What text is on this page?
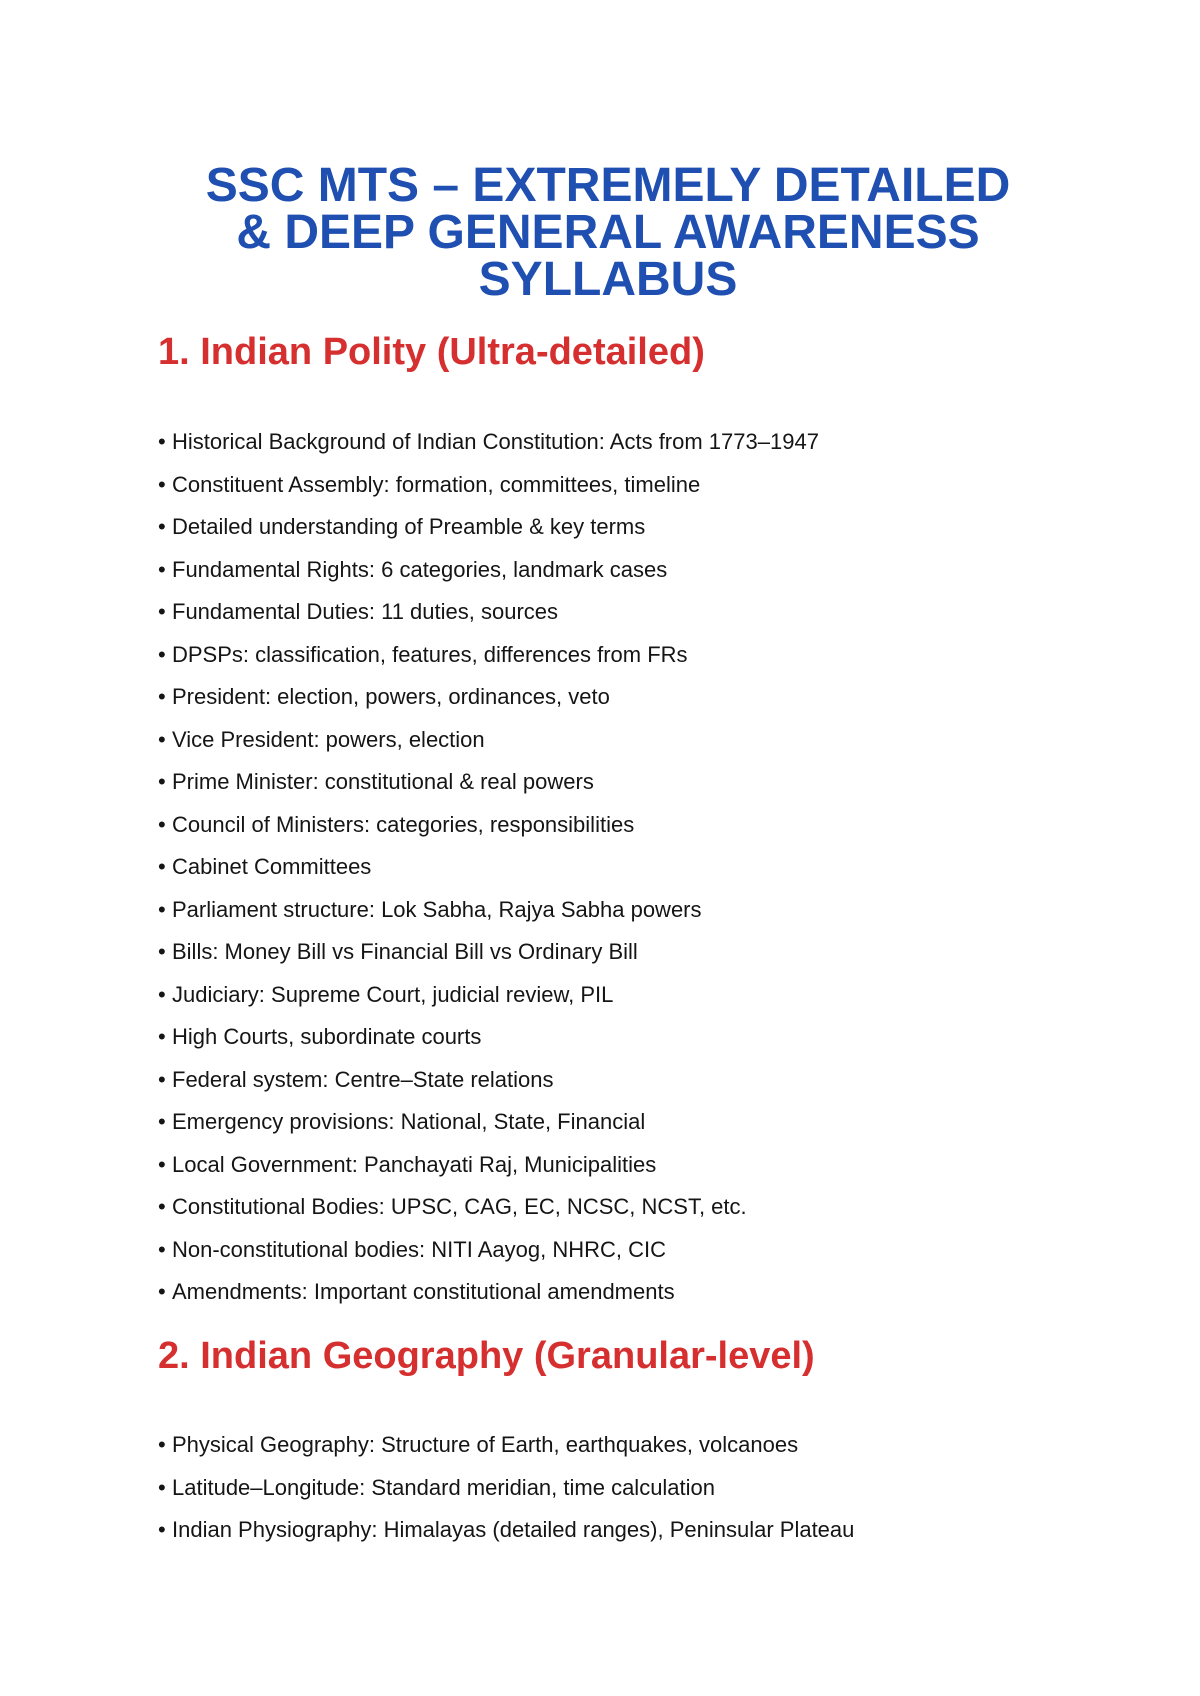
SSC MTS – EXTREMELY DETAILED
& DEEP GENERAL AWARENESS
SYLLABUS
1. Indian Polity (Ultra-detailed)
• Historical Background of Indian Constitution: Acts from 1773–1947
• Constituent Assembly: formation, committees, timeline
• Detailed understanding of Preamble & key terms
• Fundamental Rights: 6 categories, landmark cases
• Fundamental Duties: 11 duties, sources
• DPSPs: classification, features, differences from FRs
• President: election, powers, ordinances, veto
• Vice President: powers, election
• Prime Minister: constitutional & real powers
• Council of Ministers: categories, responsibilities
• Cabinet Committees
• Parliament structure: Lok Sabha, Rajya Sabha powers
• Bills: Money Bill vs Financial Bill vs Ordinary Bill
• Judiciary: Supreme Court, judicial review, PIL
• High Courts, subordinate courts
• Federal system: Centre–State relations
• Emergency provisions: National, State, Financial
• Local Government: Panchayati Raj, Municipalities
• Constitutional Bodies: UPSC, CAG, EC, NCSC, NCST, etc.
• Non-constitutional bodies: NITI Aayog, NHRC, CIC
• Amendments: Important constitutional amendments
2. Indian Geography (Granular-level)
• Physical Geography: Structure of Earth, earthquakes, volcanoes
• Latitude–Longitude: Standard meridian, time calculation
• Indian Physiography: Himalayas (detailed ranges), Peninsular Plateau
